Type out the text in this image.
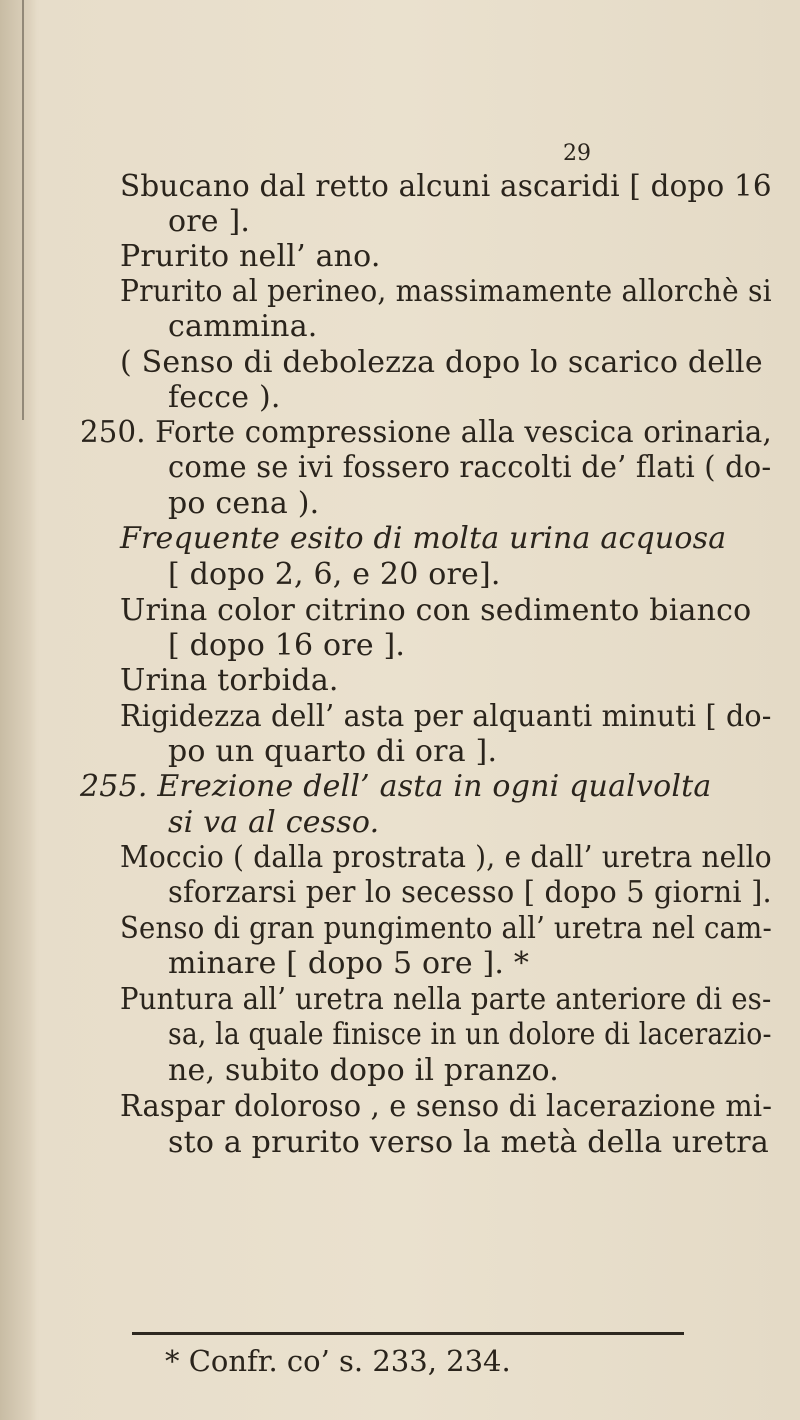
29
Sbucano dal retto alcuni ascaridi [ dopo 16
ore ].
Prurito nell’ ano.
Prurito al perineo, massimamente allorchè si
cammina.
( Senso di debolezza dopo lo scarico delle
fecce ).
250. Forte compressione alla vescica orinaria,
come se ivi fossero raccolti de’ flati ( do-
po cena ).
Frequente esito di molta urina acquosa
[ dopo 2, 6, e 20 ore].
Urina color citrino con sedimento bianco
[ dopo 16 ore ].
Urina torbida.
Rigidezza dell’ asta per alquanti minuti [ do-
po un quarto di ora ].
255. Erezione dell’ asta in ogni qualvolta
si va al cesso.
Moccio ( dalla prostrata ), e dall’ uretra nello
sforzarsi per lo secesso [ dopo 5 giorni ].
Senso di gran pungimento all’ uretra nel cam-
minare [ dopo 5 ore ]. *
Puntura all’ uretra nella parte anteriore di es-
sa, la quale finisce in un dolore di lacerazio-
ne, subito dopo il pranzo.
Raspar doloroso , e senso di lacerazione mi-
sto a prurito verso la metà della uretra
* Confr. co’ s. 233, 234.
